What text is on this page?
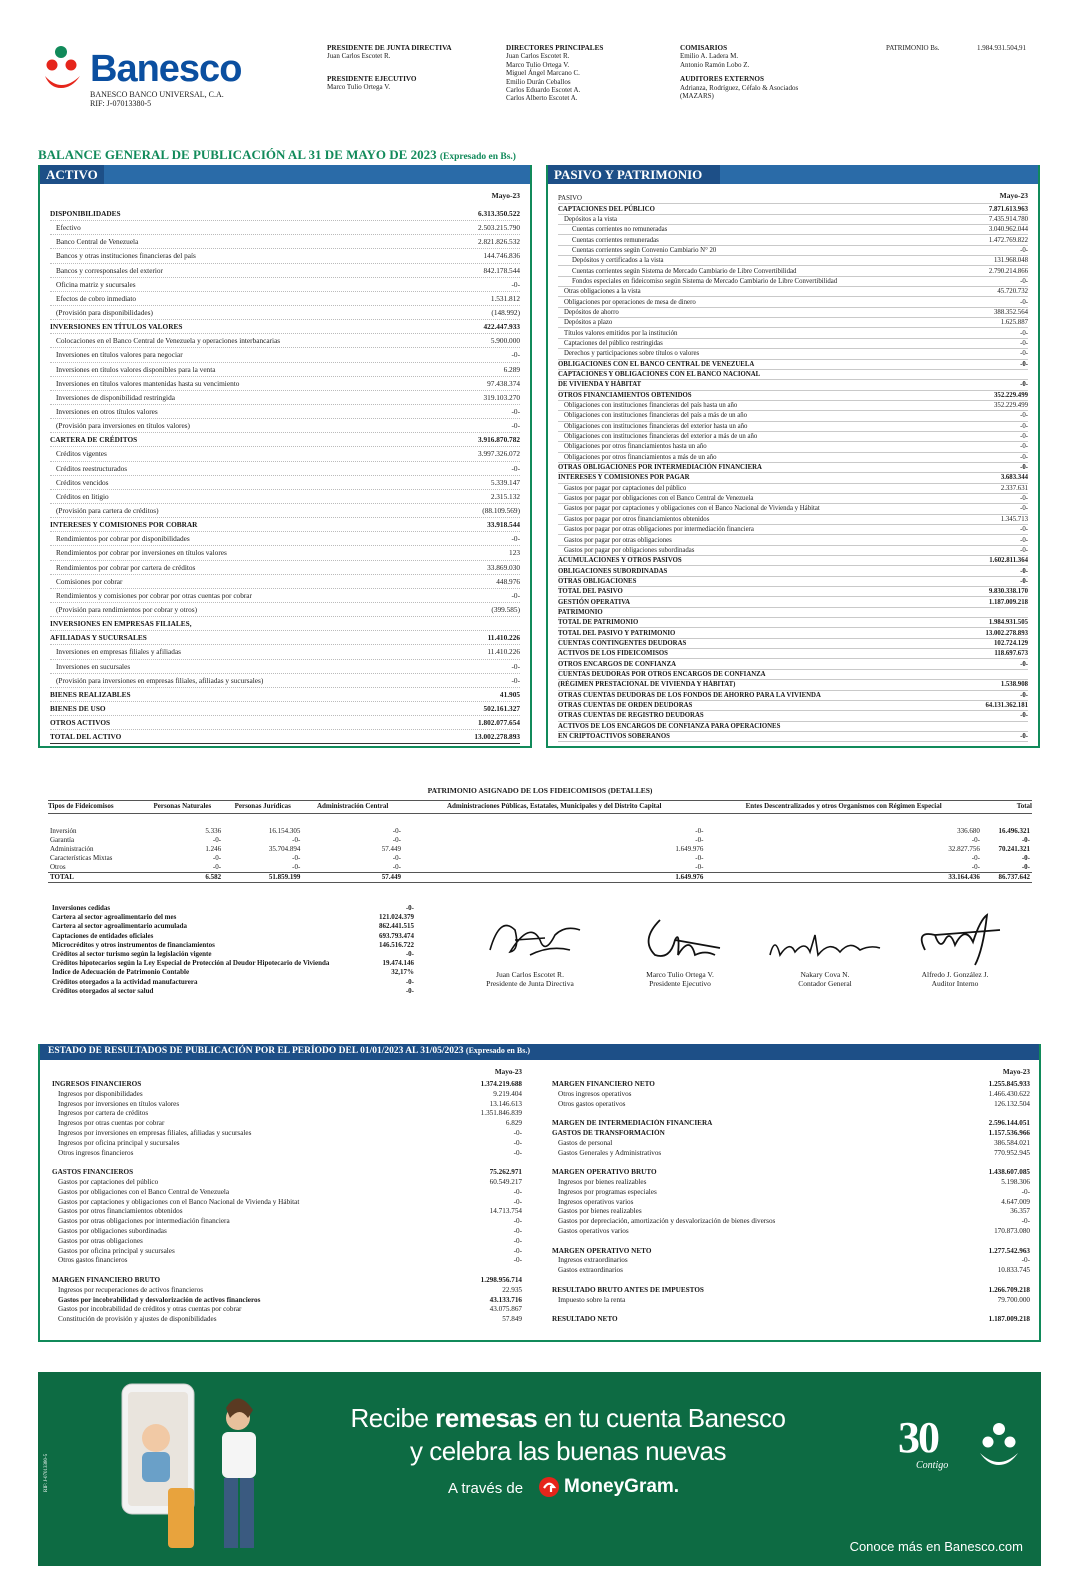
Banesco
BANESCO BANCO UNIVERSAL, C.A.
RIF: J-07013380-5
PRESIDENTE DE JUNTA DIRECTIVA
Juan Carlos Escotet R.
PRESIDENTE EJECUTIVO
Marco Tulio Ortega V.
DIRECTORES PRINCIPALES
Juan Carlos Escotet R.
Marco Tulio Ortega V.
Miguel Ángel Marcano C.
Emilio Durán Ceballos
Carlos Eduardo Escotet A.
Carlos Alberto Escotet A.
COMISARIOS
Emilio A. Ladera M.
Antonio Ramón Lobo Z.
AUDITORES EXTERNOS
Adrianza, Rodríguez, Céfalo & Asociados
(MAZARS)
PATRIMONIO Bs.	1.984.931.504,91
BALANCE GENERAL DE PUBLICACIÓN AL 31 DE MAYO DE 2023 (Expresado en Bs.)
ACTIVO
Mayo-23
DISPONIBILIDADES	6.313.350.522
Efectivo	2.503.215.790
Banco Central de Venezuela	2.821.826.532
Bancos y otras instituciones financieras del país	144.746.836
Bancos y corresponsales del exterior	842.178.544
Oficina matriz y sucursales	-0-
Efectos de cobro inmediato	1.531.812
(Provisión para disponibilidades)	(148.992)
INVERSIONES EN TÍTULOS VALORES	422.447.933
Colocaciones en el Banco Central de Venezuela y operaciones interbancarias	5.900.000
Inversiones en títulos valores para negociar	-0-
Inversiones en títulos valores disponibles para la venta	6.289
Inversiones en títulos valores mantenidas hasta su vencimiento	97.438.374
Inversiones de disponibilidad restringida	319.103.270
Inversiones en otros títulos valores	-0-
(Provisión para inversiones en títulos valores)	-0-
CARTERA DE CRÉDITOS	3.916.870.782
Créditos vigentes	3.997.326.072
Créditos reestructurados	-0-
Créditos vencidos	5.339.147
Créditos en litigio	2.315.132
(Provisión para cartera de créditos)	(88.109.569)
INTERESES Y COMISIONES POR COBRAR	33.918.544
Rendimientos por cobrar por disponibilidades	-0-
Rendimientos por cobrar por inversiones en títulos valores	123
Rendimientos por cobrar por cartera de créditos	33.869.030
Comisiones por cobrar	448.976
Rendimientos y comisiones por cobrar por otras cuentas por cobrar	-0-
(Provisión para rendimientos por cobrar y otros)	(399.585)
INVERSIONES EN EMPRESAS FILIALES,
AFILIADAS Y SUCURSALES	11.410.226
Inversiones en empresas filiales y afiliadas	11.410.226
Inversiones en sucursales	-0-
(Provisión para inversiones en empresas filiales, afiliadas y sucursales)	-0-
BIENES REALIZABLES	41.905
BIENES DE USO	502.161.327
OTROS ACTIVOS	1.802.077.654
TOTAL DEL ACTIVO	13.002.278.893
PASIVO Y PATRIMONIO
Mayo-23
PASIVO
CAPTACIONES DEL PÚBLICO	7.871.613.963
Depósitos a la vista	7.435.914.780
Cuentas corrientes no remuneradas	3.040.962.044
Cuentas corrientes remuneradas	1.472.769.822
Cuentas corrientes según Convenio Cambiario N° 20	-0-
Depósitos y certificados a la vista	131.968.048
Cuentas corrientes según Sistema de Mercado Cambiario de Libre Convertibilidad	2.790.214.866
Fondos especiales en fideicomiso según Sistema de Mercado Cambiario de Libre Convertibilidad	-0-
Otras obligaciones a la vista	45.720.732
Obligaciones por operaciones de mesa de dinero	-0-
Depósitos de ahorro	388.352.564
Depósitos a plazo	1.625.887
Títulos valores emitidos por la institución	-0-
Captaciones del público restringidas	-0-
Derechos y participaciones sobre títulos o valores	-0-
OBLIGACIONES CON EL BANCO CENTRAL DE VENEZUELA	-0-
CAPTACIONES Y OBLIGACIONES CON EL BANCO NACIONAL
DE VIVIENDA Y HÁBITAT	-0-
OTROS FINANCIAMIENTOS OBTENIDOS	352.229.499
Obligaciones con instituciones financieras del país hasta un año	352.229.499
Obligaciones con instituciones financieras del país a más de un año	-0-
Obligaciones con instituciones financieras del exterior hasta un año	-0-
Obligaciones con instituciones financieras del exterior a más de un año	-0-
Obligaciones por otros financiamientos hasta un año	-0-
Obligaciones por otros financiamientos a más de un año	-0-
OTRAS OBLIGACIONES POR INTERMEDIACIÓN FINANCIERA	-0-
INTERESES Y COMISIONES POR PAGAR	3.683.344
Gastos por pagar por captaciones del público	2.337.631
Gastos por pagar por obligaciones con el Banco Central de Venezuela	-0-
Gastos por pagar por captaciones y obligaciones con el Banco Nacional de Vivienda y Hábitat	-0-
Gastos por pagar por otros financiamientos obtenidos	1.345.713
Gastos por pagar por otras obligaciones por intermediación financiera	-0-
Gastos por pagar por otras obligaciones	-0-
Gastos por pagar por obligaciones subordinadas	-0-
ACUMULACIONES Y OTROS PASIVOS	1.602.811.364
OBLIGACIONES SUBORDINADAS	-0-
OTRAS OBLIGACIONES	-0-
TOTAL DEL PASIVO	9.830.338.170
GESTIÓN OPERATIVA	1.187.009.218
PATRIMONIO
TOTAL DE PATRIMONIO	1.984.931.505
TOTAL DEL PASIVO Y PATRIMONIO	13.002.278.893
CUENTAS CONTINGENTES DEUDORAS	102.724.129
ACTIVOS DE LOS FIDEICOMISOS	118.697.673
OTROS ENCARGOS DE CONFIANZA	-0-
CUENTAS DEUDORAS POR OTROS ENCARGOS DE CONFIANZA
(RÉGIMEN PRESTACIONAL DE VIVIENDA Y HÁBITAT)	1.538.908
OTRAS CUENTAS DEUDORAS DE LOS FONDOS DE AHORRO PARA LA VIVIENDA	-0-
OTRAS CUENTAS DE ORDEN DEUDORAS	64.131.362.181
OTRAS CUENTAS DE REGISTRO DEUDORAS	-0-
ACTIVOS DE LOS ENCARGOS DE CONFIANZA PARA OPERACIONES
EN CRIPTOACTIVOS SOBERANOS	-0-
PATRIMONIO ASIGNADO DE LOS FIDEICOMISOS (DETALLES)
Tipos de Fideicomisos	Personas Naturales	Personas Jurídicas	Administración Central	Administraciones Públicas, Estatales, Municipales y del Distrito Capital	Entes Descentralizados y otros Organismos con Régimen Especial	Total

Inversión	5.336	16.154.305	-0-	-0-	336.680	16.496.321
Garantía	-0-	-0-	-0-	-0-	-0-	-0-
Administración	1.246	35.704.894	57.449	1.649.976	32.827.756	70.241.321
Características Mixtas	-0-	-0-	-0-	-0-	-0-	-0-
Otros	-0-	-0-	-0-	-0-	-0-	-0-
TOTAL	6.582	51.859.199	57.449	1.649.976	33.164.436	86.737.642
Inversiones cedidas	-0-
Cartera al sector agroalimentario del mes	121.024.379
Cartera al sector agroalimentario acumulada	862.441.515
Captaciones de entidades oficiales	693.793.474
Microcréditos y otros instrumentos de financiamientos	146.516.722
Créditos al sector turismo según la legislación vigente	-0-
Créditos hipotecarios según la Ley Especial de Protección al Deudor Hipotecario de Vivienda	19.474.146
Índice de Adecuación de Patrimonio Contable	32,17%
Créditos otorgados a la actividad manufacturera	-0-
Créditos otorgados al sector salud	-0-
Juan Carlos Escotet R.
Presidente de Junta Directiva
Marco Tulio Ortega V.
Presidente Ejecutivo
Nakary Cova N.
Contador General
Alfredo J. González J.
Auditor Interno
ESTADO DE RESULTADOS DE PUBLICACIÓN POR EL PERÍODO DEL 01/01/2023 AL 31/05/2023 (Expresado en Bs.)
Mayo-23
INGRESOS FINANCIEROS	1.374.219.688
Ingresos por disponibilidades	9.219.404
Ingresos por inversiones en títulos valores	13.146.613
Ingresos por cartera de créditos	1.351.846.839
Ingresos por otras cuentas por cobrar	6.829
Ingresos por inversiones en empresas filiales, afiliadas y sucursales	-0-
Ingresos por oficina principal y sucursales	-0-
Otros ingresos financieros	-0-
GASTOS FINANCIEROS	75.262.971
Gastos por captaciones del público	60.549.217
Gastos por obligaciones con el Banco Central de Venezuela	-0-
Gastos por captaciones y obligaciones con el Banco Nacional de Vivienda y Hábitat	-0-
Gastos por otros financiamientos obtenidos	14.713.754
Gastos por otras obligaciones por intermediación financiera	-0-
Gastos por obligaciones subordinadas	-0-
Gastos por otras obligaciones	-0-
Gastos por oficina principal y sucursales	-0-
Otros gastos financieros	-0-
MARGEN FINANCIERO BRUTO	1.298.956.714
Ingresos por recuperaciones de activos financieros	22.935
Gastos por incobrabilidad y desvalorización de activos financieros	43.133.716
Gastos por incobrabilidad de créditos y otras cuentas por cobrar	43.075.867
Constitución de provisión y ajustes de disponibilidades	57.849
Mayo-23
MARGEN FINANCIERO NETO	1.255.845.933
Otros ingresos operativos	1.466.430.622
Otros gastos operativos	126.132.504
MARGEN DE INTERMEDIACIÓN FINANCIERA	2.596.144.051
GASTOS DE TRANSFORMACIÓN	1.157.536.966
Gastos de personal	386.584.021
Gastos Generales y Administrativos	770.952.945
MARGEN OPERATIVO BRUTO	1.438.607.085
Ingresos por bienes realizables	5.198.306
Ingresos por programas especiales	-0-
Ingresos operativos varios	4.647.009
Gastos por bienes realizables	36.357
Gastos por depreciación, amortización y desvalorización de bienes diversos	-0-
Gastos operativos varios	170.873.080
MARGEN OPERATIVO NETO	1.277.542.963
Ingresos extraordinarios	-0-
Gastos extraordinarios	10.833.745
RESULTADO BRUTO ANTES DE IMPUESTOS	1.266.709.218
Impuesto sobre la renta	79.700.000
RESULTADO NETO	1.187.009.218
Recibe remesas en tu cuenta Banesco
y celebra las buenas nuevas
A través de MoneyGram.
30
Contigo
Conoce más en Banesco.com
RIF: J-07013380-5
